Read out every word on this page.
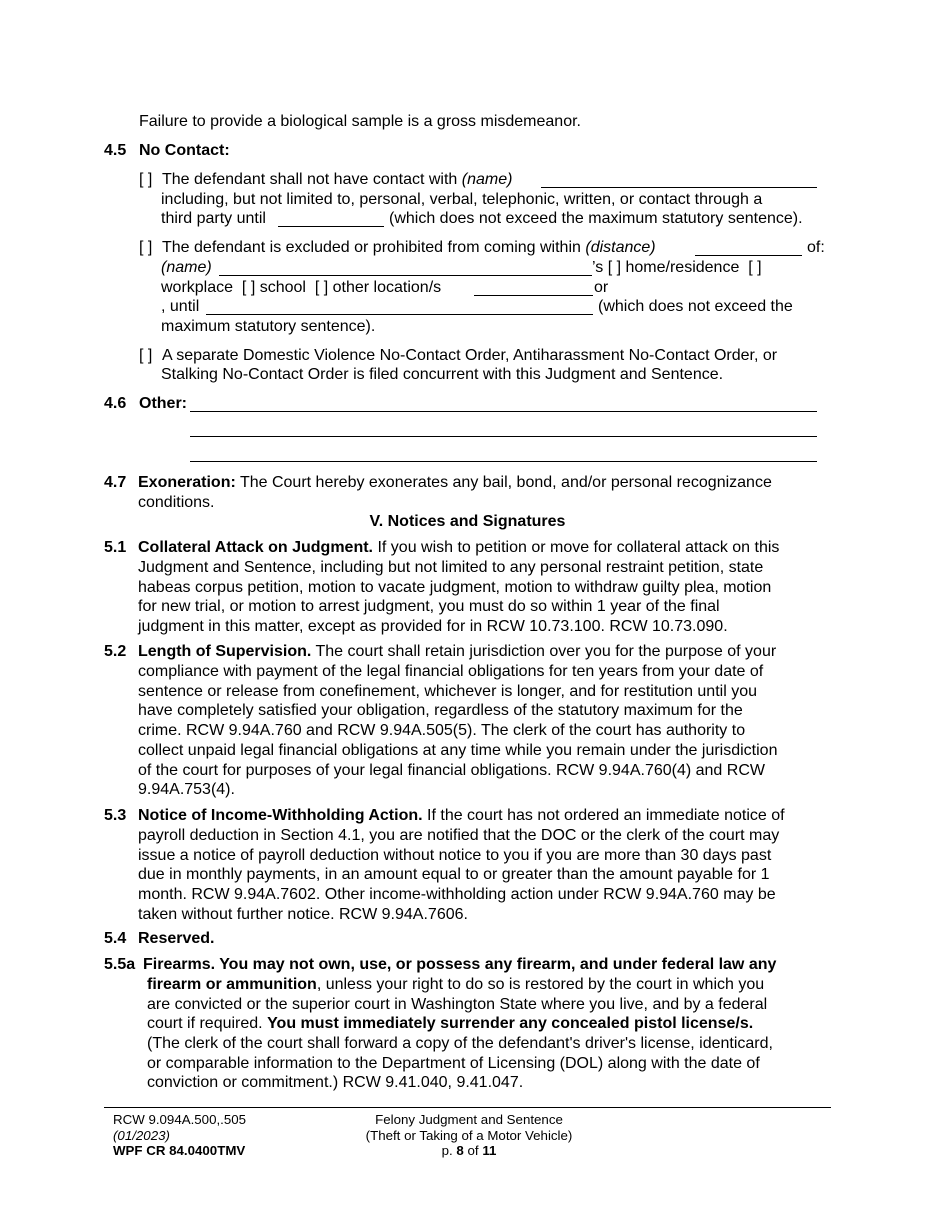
Failure to provide a biological sample is a gross misdemeanor.
4.5 No Contact:
[ ] The defendant shall not have contact with (name)
including, but not limited to, personal, verbal, telephonic, written, or contact through a
third party until	(which does not exceed the maximum statutory sentence).
[ ] The defendant is excluded or prohibited from coming within (distance)	of:
(name)	’s [ ] home/residence  [ ]
workplace  [ ] school  [ ] other location/s	or
, until	(which does not exceed the
maximum statutory sentence).
[ ] A separate Domestic Violence No-Contact Order, Antiharassment No-Contact Order, or
Stalking No-Contact Order is filed concurrent with this Judgment and Sentence.
4.6 Other:
4.7 Exoneration: The Court hereby exonerates any bail, bond, and/or personal recognizance
conditions.
V. Notices and Signatures
5.1 Collateral Attack on Judgment. If you wish to petition or move for collateral attack on this
Judgment and Sentence, including but not limited to any personal restraint petition, state
habeas corpus petition, motion to vacate judgment, motion to withdraw guilty plea, motion
for new trial, or motion to arrest judgment, you must do so within 1 year of the final
judgment in this matter, except as provided for in RCW 10.73.100. RCW 10.73.090.
5.2 Length of Supervision. The court shall retain jurisdiction over you for the purpose of your
compliance with payment of the legal financial obligations for ten years from your date of
sentence or release from conefinement, whichever is longer, and for restitution until you
have completely satisfied your obligation, regardless of the statutory maximum for the
crime. RCW 9.94A.760 and RCW 9.94A.505(5). The clerk of the court has authority to
collect unpaid legal financial obligations at any time while you remain under the jurisdiction
of the court for purposes of your legal financial obligations. RCW 9.94A.760(4) and RCW
9.94A.753(4).
5.3 Notice of Income-Withholding Action. If the court has not ordered an immediate notice of
payroll deduction in Section 4.1, you are notified that the DOC or the clerk of the court may
issue a notice of payroll deduction without notice to you if you are more than 30 days past
due in monthly payments, in an amount equal to or greater than the amount payable for 1
month. RCW 9.94A.7602. Other income-withholding action under RCW 9.94A.760 may be
taken without further notice. RCW 9.94A.7606.
5.4 Reserved.
5.5a Firearms. You may not own, use, or possess any firearm, and under federal law any
firearm or ammunition, unless your right to do so is restored by the court in which you
are convicted or the superior court in Washington State where you live, and by a federal
court if required. You must immediately surrender any concealed pistol license/s.
(The clerk of the court shall forward a copy of the defendant's driver's license, identicard,
or comparable information to the Department of Licensing (DOL) along with the date of
conviction or commitment.) RCW 9.41.040, 9.41.047.
RCW 9.094A.500,.505
(01/2023)
WPF CR 84.0400TMV
Felony Judgment and Sentence
(Theft or Taking of a Motor Vehicle)
p. 8 of 11
